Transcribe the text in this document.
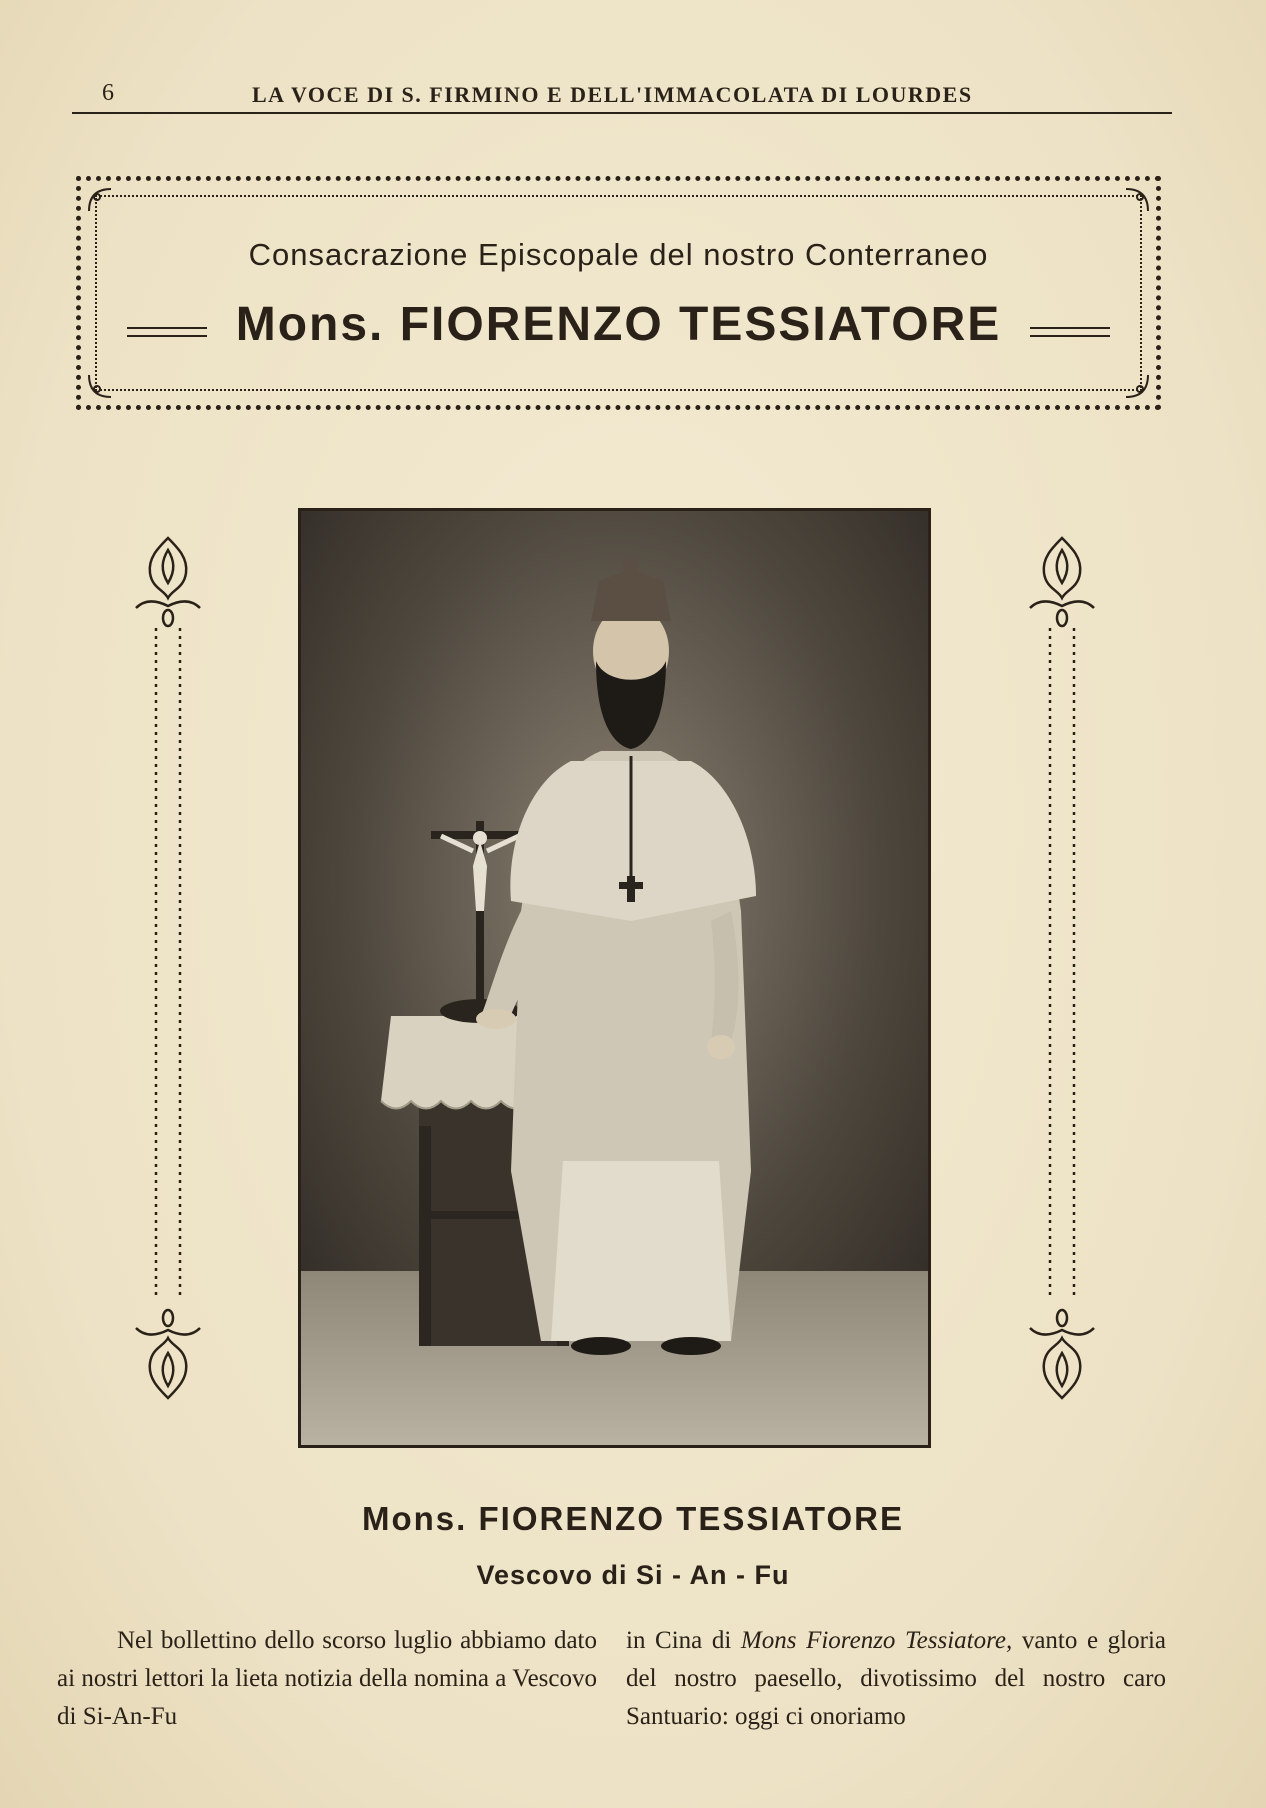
6	LA VOCE DI S. FIRMINO E DELL'IMMACOLATA DI LOURDES
Consacrazione Episcopale del nostro Conterraneo
Mons. FIORENZO TESSIATORE
Mons. FIORENZO TESSIATORE
Vescovo di Si - An - Fu

Nel bollettino dello scorso luglio abbiamo dato ai nostri lettori la lieta notizia della nomina a Vescovo di Si-An-Fu

in Cina di Mons Fiorenzo Tessiatore, vanto e gloria del nostro paesello, divotissimo del nostro caro Santuario: oggi ci onoriamo
